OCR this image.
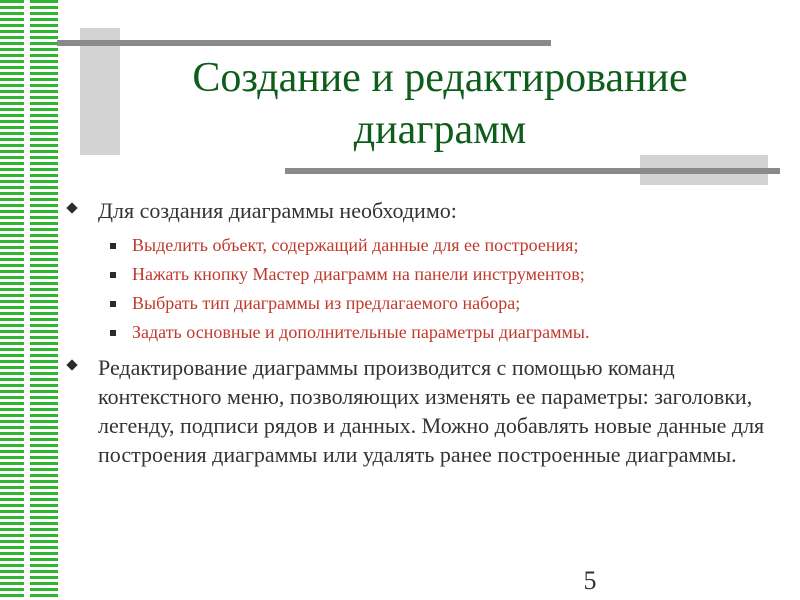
Создание и редактирование диаграмм
Для создания диаграммы необходимо:
Выделить объект, содержащий данные для ее построения;
Нажать кнопку Мастер диаграмм на панели инструментов;
Выбрать тип диаграммы из предлагаемого набора;
Задать основные и дополнительные параметры диаграммы.
Редактирование диаграммы производится с помощью команд контекстного меню, позволяющих изменять ее параметры: заголовки, легенду, подписи рядов и данных. Можно добавлять новые данные для построения диаграммы или удалять ранее построенные диаграммы.
5
